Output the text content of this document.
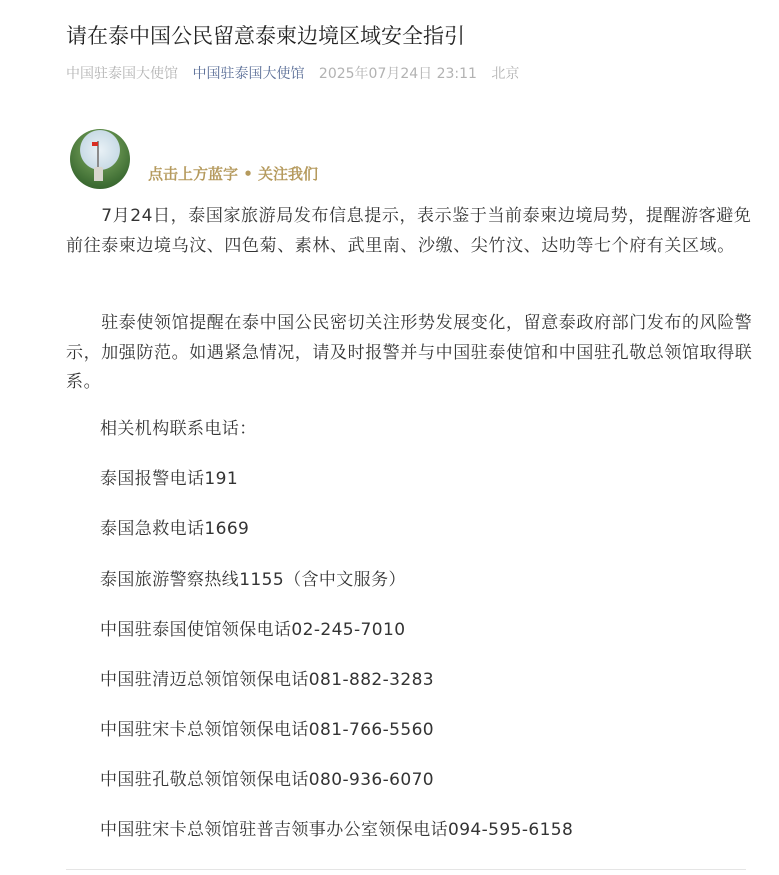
请在泰中国公民留意泰柬边境区域安全指引
中国驻泰国大使馆 中国驻泰国大使馆 2025年07月24日 23:11 北京
点击上方蓝字 • 关注我们

　　7月24日，泰国家旅游局发布信息提示，表示鉴于当前泰柬边境局势，提醒游客避免前往泰柬边境乌汶、四色菊、素林、武里南、沙缴、尖竹汶、达叻等七个府有关区域。

　　驻泰使领馆提醒在泰中国公民密切关注形势发展变化，留意泰政府部门发布的风险警示，加强防范。如遇紧急情况，请及时报警并与中国驻泰使馆和中国驻孔敬总领馆取得联系。

相关机构联系电话：

泰国报警电话191

泰国急救电话1669

泰国旅游警察热线1155（含中文服务）

中国驻泰国使馆领保电话02-245-7010

中国驻清迈总领馆领保电话081-882-3283

中国驻宋卡总领馆领保电话081-766-5560

中国驻孔敬总领馆领保电话080-936-6070

中国驻宋卡总领馆驻普吉领事办公室领保电话094-595-6158
